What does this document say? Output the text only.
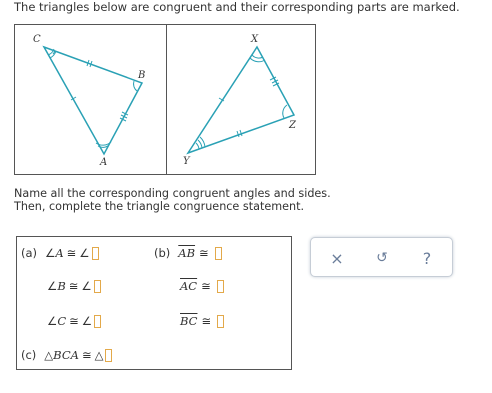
The triangles below are congruent and their corresponding parts are marked.
C
B
A
X
Z
Y
Name all the corresponding congruent angles and sides.
Then, complete the triangle congruence statement.
(a) ∠ A ≅ ∠
∠ B ≅ ∠
∠ C ≅ ∠
(b) $\overline{AB}$ ≅
$\overline{AC}$ ≅
$\overline{BC}$ ≅
(c) △ BCA ≅ △
×	↺	?
